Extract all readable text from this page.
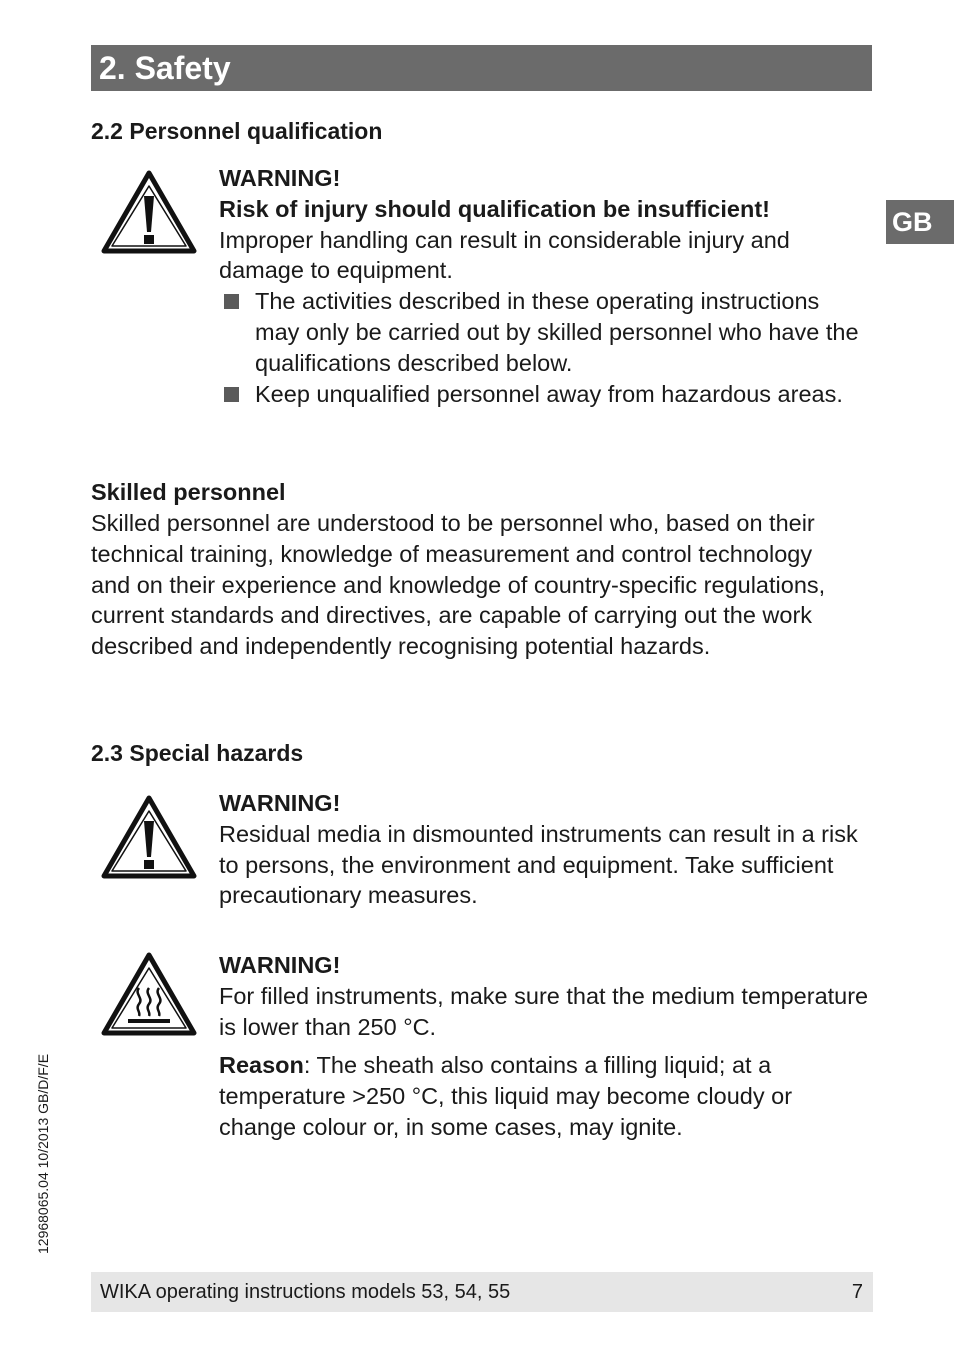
2. Safety
GB
2.2 Personnel qualification

WARNING!

Risk of injury should qualification be insufficient!

Improper handling can result in considerable injury and damage to equipment.

The activities described in these operating instructions may only be carried out by skilled personnel who have the qualifications described below.
Keep unqualified personnel away from hazardous areas.

Skilled personnel

Skilled personnel are understood to be personnel who, based on their technical training, knowledge of measurement and control technology and on their experience and knowledge of country-specific regulations, current standards and directives, are capable of carrying out the work described and independently recognising potential hazards.

2.3 Special hazards

WARNING!

Residual media in dismounted instruments can result in a risk to persons, the environment and equipment. Take sufficient precautionary measures.

WARNING!

For filled instruments, make sure that the medium temperature is lower than 250 °C.

Reason: The sheath also contains a filling liquid; at a temperature >250 °C, this liquid may become cloudy or change colour or, in some cases, may ignite.

12968065.04 10/2013 GB/D/F/E
WIKA operating instructions models 53, 54, 55	7
